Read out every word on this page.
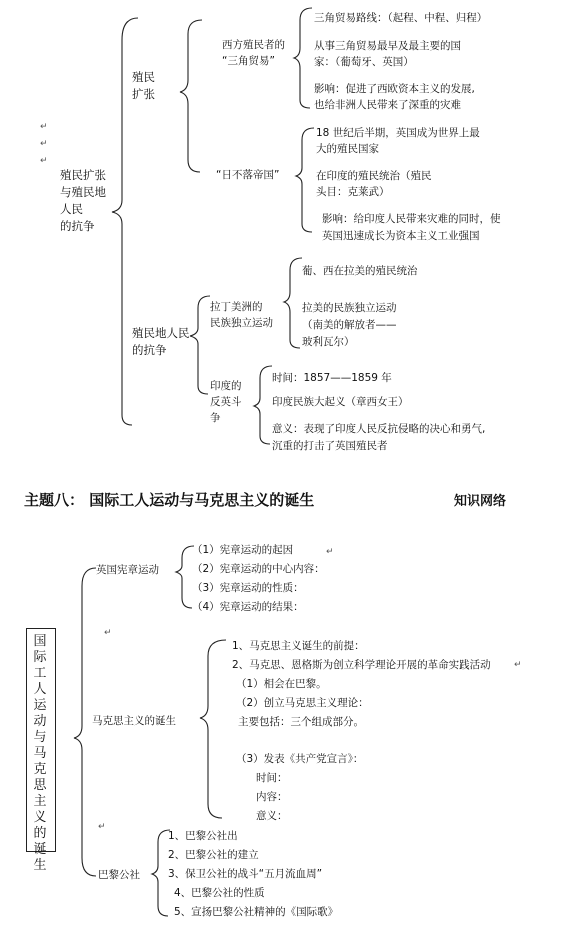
↵
↵
↵
殖民扩张
与殖民地
人民
的抗争
殖民
扩张
西方殖民者的
“三角贸易”
三角贸易路线：（起程、中程、归程）
从事三角贸易最早及最主要的国
家：（葡萄牙、英国）
影响：促进了西欧资本主义的发展,
也给非洲人民带来了深重的灾难
“日不落帝国”
18 世纪后半期，英国成为世界上最
大的殖民国家
在印度的殖民统治（殖民
头目：克莱武）
影响：给印度人民带来灾难的同时，使
英国迅速成长为资本主义工业强国
殖民地人民
的抗争
拉丁美洲的
民族独立运动
葡、西在拉美的殖民统治
拉美的民族独立运动
（南美的解放者——
玻利瓦尔）
印度的
反英斗
争
时间：1857——1859 年
印度民族大起义（章西女王）
意义：表现了印度人民反抗侵略的决心和勇气,
沉重的打击了英国殖民者
主题八： 国际工人运动与马克思主义的诞生	知识网络
国际工人运动与马克思主义的诞生
英国宪章运动
（1）宪章运动的起因
（2）宪章运动的中心内容：
（3）宪章运动的性质：
（4）宪章运动的结果：
马克思主义的诞生
1、马克思主义诞生的前提：
2、马克思、恩格斯为创立科学理论开展的革命实践活动
（1）相会在巴黎。
（2）创立马克思主义理论：
主要包括：三个组成部分。
（3）发表《共产党宣言》：
时间：
内容：
意义：
巴黎公社
1、巴黎公社出
2、巴黎公社的建立
3、保卫公社的战斗“五月流血周”
4、巴黎公社的性质
5、宣扬巴黎公社精神的《国际歌》
↵
↵
↵
↵
